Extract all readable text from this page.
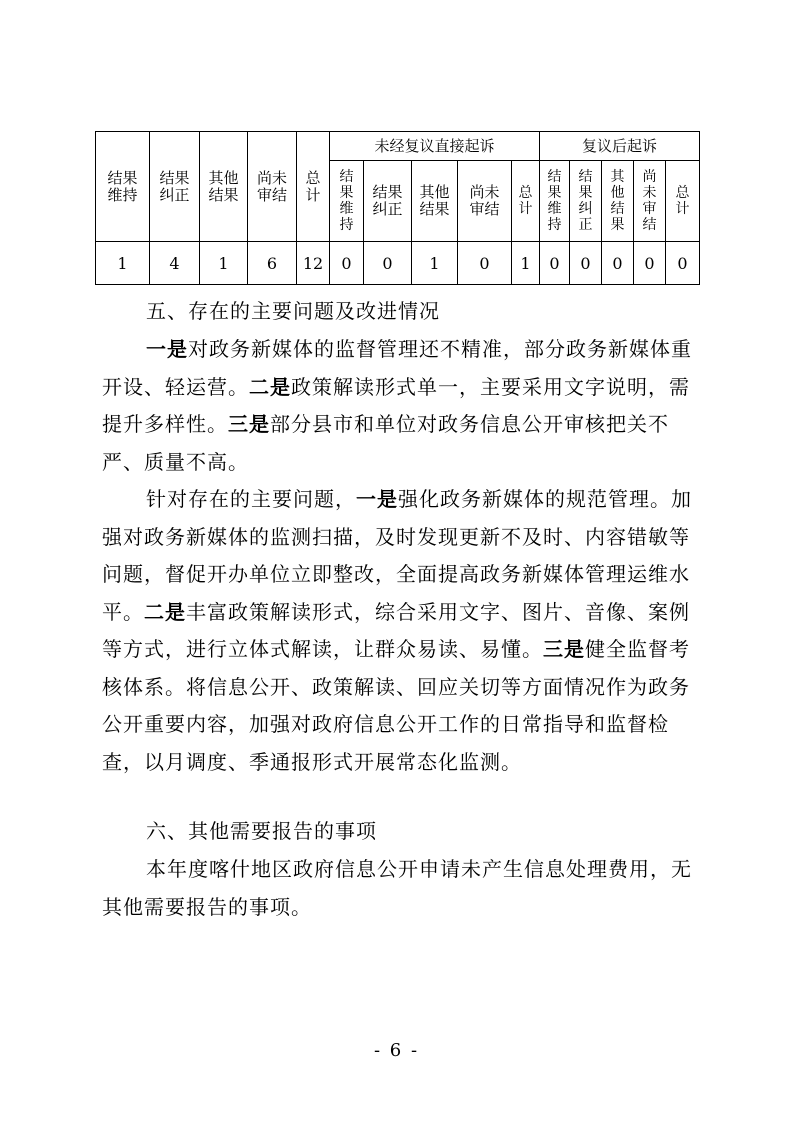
结果维持	结果纠正	其他结果	尚未审结	总计	未经复议直接起诉					复议后起诉				
					结果维持	结果纠正	其他结果	尚未审结	总计	结果维持	结果纠正	其他结果	尚未审结	总计
1	4	1	6	12	0	0	1	0	1	0	0	0	0	0
五、存在的主要问题及改进情况
一是对政务新媒体的监督管理还不精准，部分政务新媒体重开设、轻运营。二是政策解读形式单一，主要采用文字说明，需提升多样性。三是部分县市和单位对政务信息公开审核把关不严、质量不高。
针对存在的主要问题，一是强化政务新媒体的规范管理。加强对政务新媒体的监测扫描，及时发现更新不及时、内容错敏等问题，督促开办单位立即整改，全面提高政务新媒体管理运维水平。二是丰富政策解读形式，综合采用文字、图片、音像、案例等方式，进行立体式解读，让群众易读、易懂。三是健全监督考核体系。将信息公开、政策解读、回应关切等方面情况作为政务公开重要内容，加强对政府信息公开工作的日常指导和监督检查，以月调度、季通报形式开展常态化监测。
六、其他需要报告的事项
本年度喀什地区政府信息公开申请未产生信息处理费用，无其他需要报告的事项。
- 6 -
